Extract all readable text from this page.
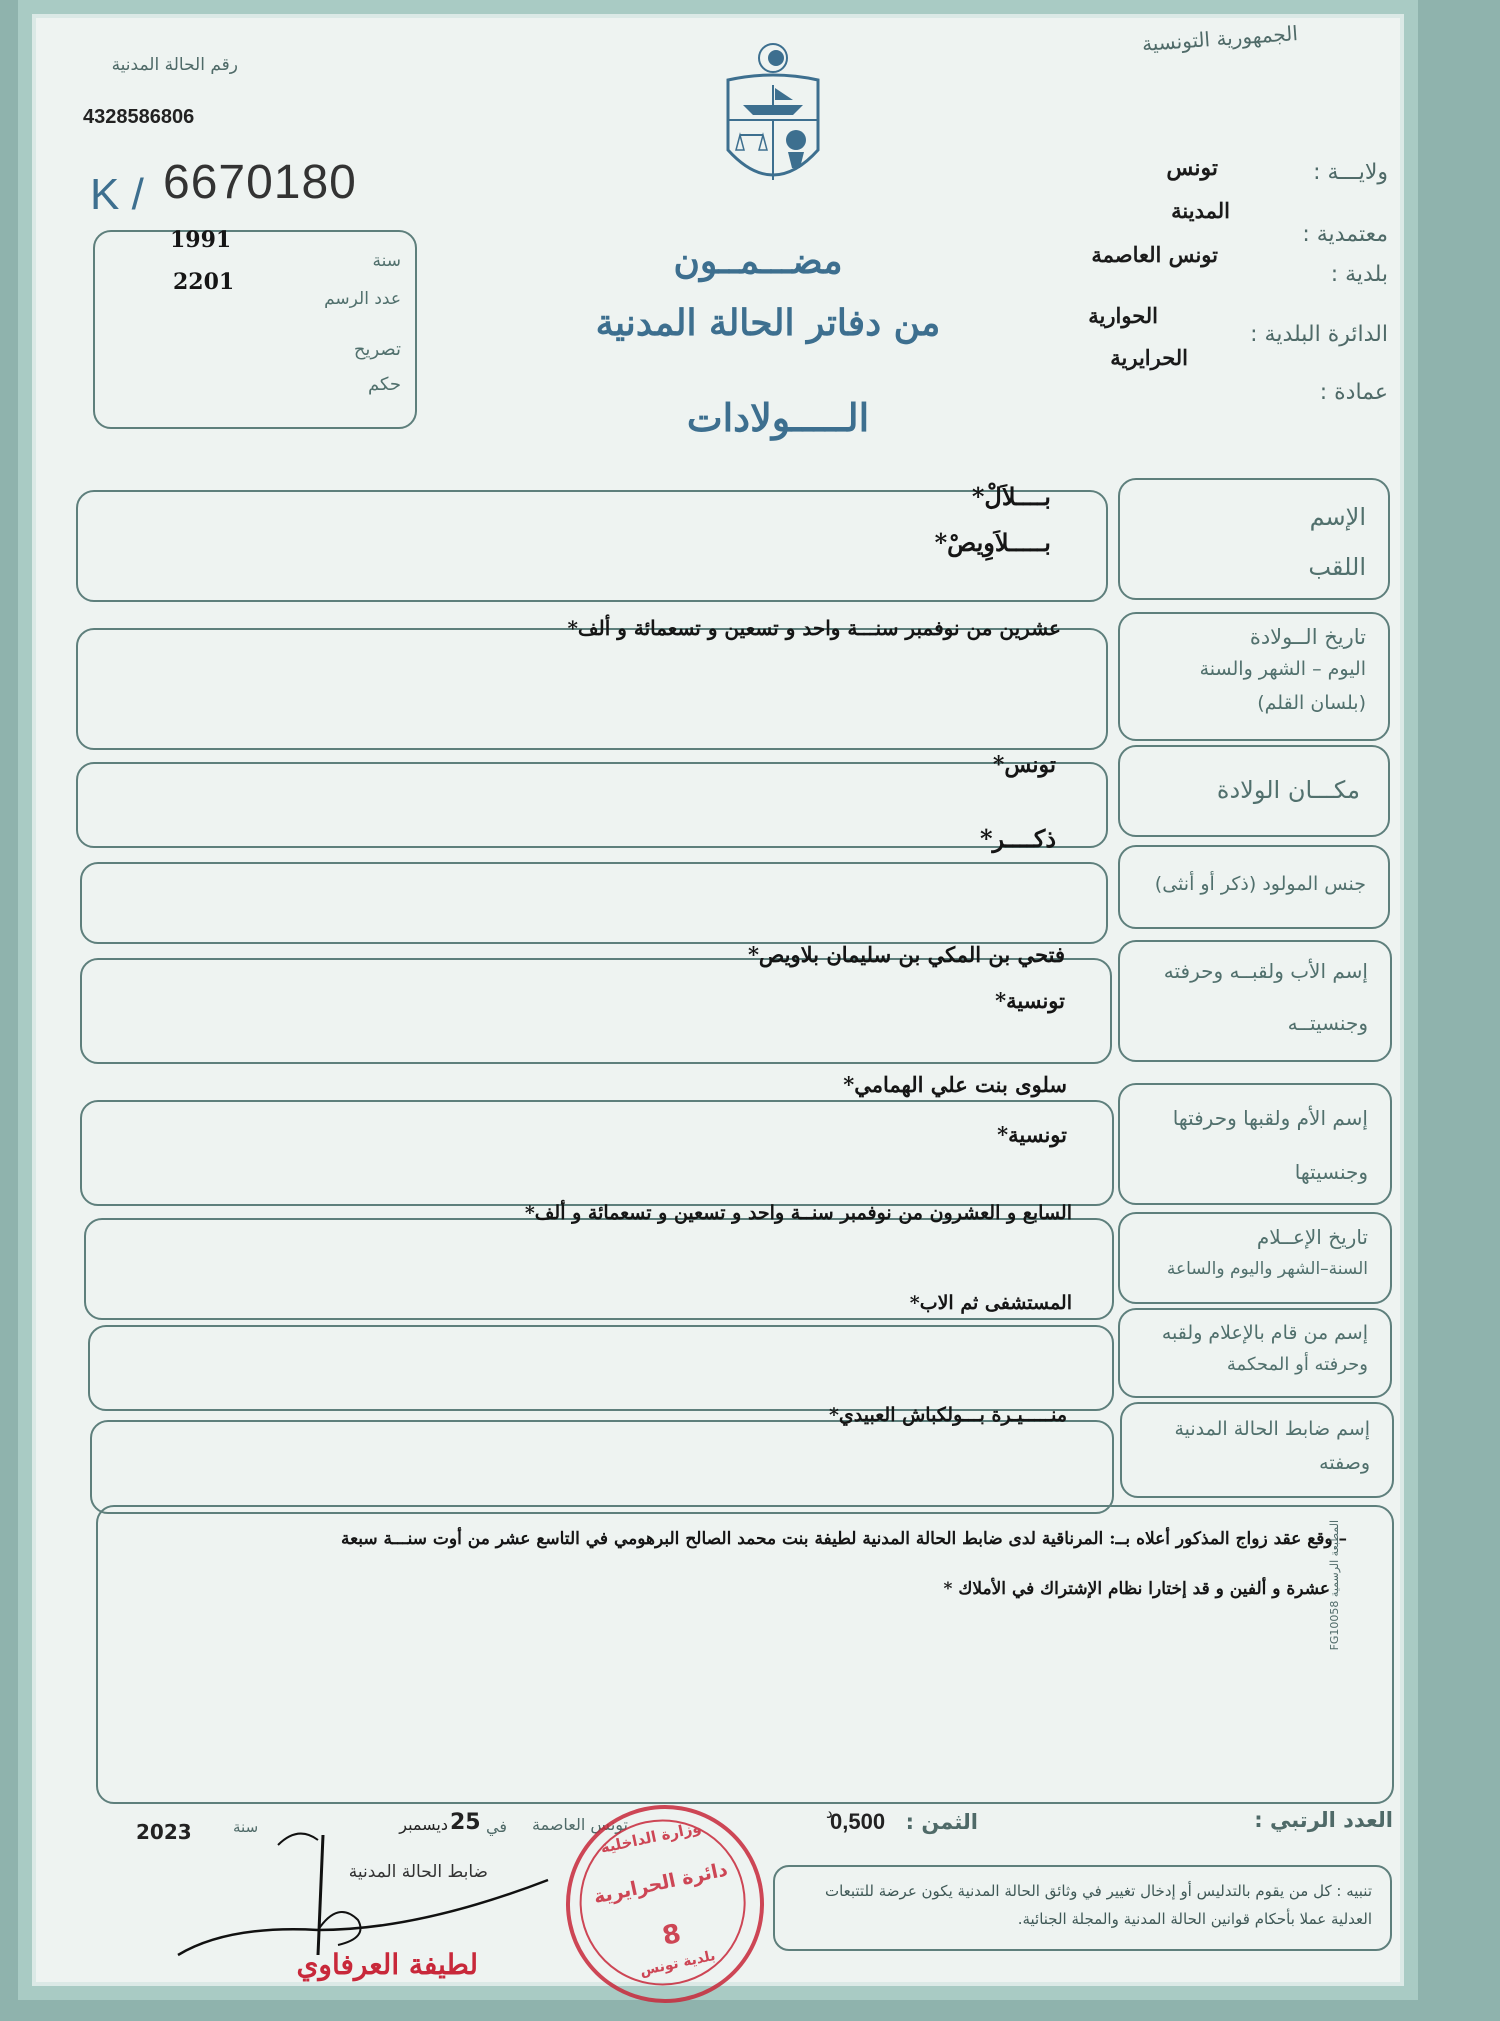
رقم الحالة المدنية
4328586806
K / 6670180
سنة
1991
عدد الرسم
2201
تصريح
حكم
الجمهورية التونسية
ولايـــة :
تونس
معتمدية :
المدينة
بلدية :
تونس العاصمة
الدائرة البلدية :
الحوارية
عمادة :
الحرايرية
مضـــمــون
من دفاتر الحالة المدنية
الـــــولادات
الإسم
اللقب
بــــلاَلْ*
بـــــلاَوِيصْ*
تاريخ الــولادة
اليوم – الشهر والسنة
(بلسان القلم)
عشرين من نوفمبر سنـــة واحد و تسعين و تسعمائة و ألف*
مكـــان الولادة
تونس*
جنس المولود (ذكر أو أنثى)
ذكــــر*
إسم الأب ولقبــه وحرفته
وجنسيتــه
فتحي بن المكي بن سليمان بلاويص*
تونسية*
إسم الأم ولقبها وحرفتها
وجنسيتها
سلوى بنت علي الهمامي*
تونسية*
تاريخ الإعــلام
السنة–الشهر واليوم والساعة
السابع و العشرون من نوفمبر سنــة واحد و تسعين و تسعمائة و ألف*
إسم من قام بالإعلام ولقبه
وحرفته أو المحكمة
المستشفى ثم الاب*
إسم ضابط الحالة المدنية
وصفته
منـــــيـرة بـــولكباش العبيدي*
– وقع عقد زواج المذكور أعلاه بــ: المرناقية لدى ضابط الحالة المدنية لطيفة بنت محمد الصالح البرهومي في التاسع عشر من أوت سنـــة سبعة
عشرة و ألفين و قد إختارا نظام الإشتراك في الأملاك *
المطبعة الرسمية FG10058
العدد الرتبي :
الثمن :
د
0,500
تونس العاصمة
في
25
ديسمبر
سنة
2023
ضابط الحالة المدنية
لطيفة العرفاوي
وزارة الداخلية
دائرة الحرايرية
8
بلدية تونس
تنبيه : كل من يقوم بالتدليس أو إدخال تغيير في وثائق الحالة المدنية يكون عرضة للتتبعات العدلية عملا بأحكام قوانين الحالة المدنية والمجلة الجنائية.
